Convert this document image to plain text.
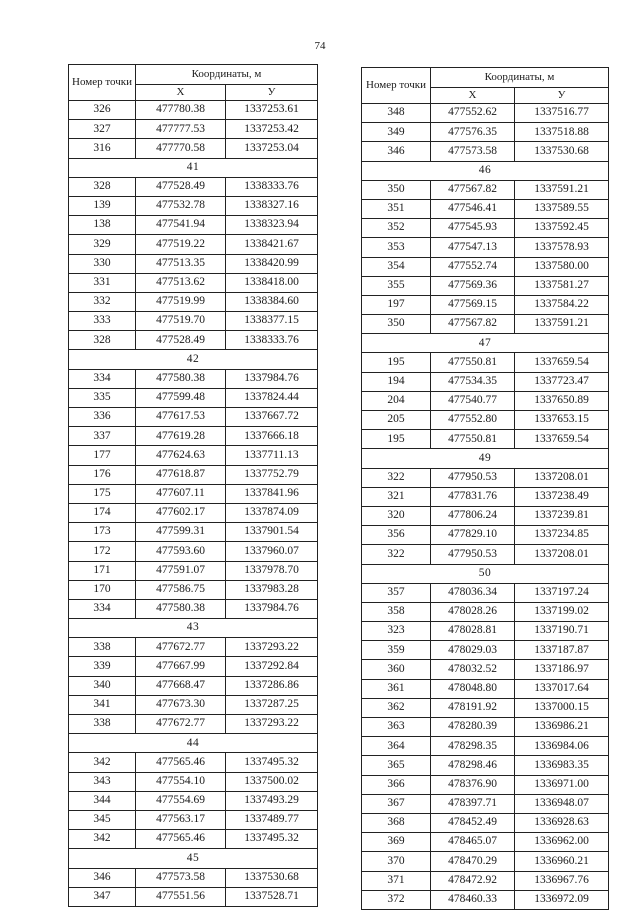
74
Номер точки	Координаты, м	
	Х	У
326	477780.38	1337253.61
327	477777.53	1337253.42
316	477770.58	1337253.04
41		
328	477528.49	1338333.76
139	477532.78	1338327.16
138	477541.94	1338323.94
329	477519.22	1338421.67
330	477513.35	1338420.99
331	477513.62	1338418.00
332	477519.99	1338384.60
333	477519.70	1338377.15
328	477528.49	1338333.76
42		
334	477580.38	1337984.76
335	477599.48	1337824.44
336	477617.53	1337667.72
337	477619.28	1337666.18
177	477624.63	1337711.13
176	477618.87	1337752.79
175	477607.11	1337841.96
174	477602.17	1337874.09
173	477599.31	1337901.54
172	477593.60	1337960.07
171	477591.07	1337978.70
170	477586.75	1337983.28
334	477580.38	1337984.76
43		
338	477672.77	1337293.22
339	477667.99	1337292.84
340	477668.47	1337286.86
341	477673.30	1337287.25
338	477672.77	1337293.22
44		
342	477565.46	1337495.32
343	477554.10	1337500.02
344	477554.69	1337493.29
345	477563.17	1337489.77
342	477565.46	1337495.32
45		
346	477573.58	1337530.68
347	477551.56	1337528.71
Номер точки	Координаты, м	
	Х	У
348	477552.62	1337516.77
349	477576.35	1337518.88
346	477573.58	1337530.68
46		
350	477567.82	1337591.21
351	477546.41	1337589.55
352	477545.93	1337592.45
353	477547.13	1337578.93
354	477552.74	1337580.00
355	477569.36	1337581.27
197	477569.15	1337584.22
350	477567.82	1337591.21
47		
195	477550.81	1337659.54
194	477534.35	1337723.47
204	477540.77	1337650.89
205	477552.80	1337653.15
195	477550.81	1337659.54
49		
322	477950.53	1337208.01
321	477831.76	1337238.49
320	477806.24	1337239.81
356	477829.10	1337234.85
322	477950.53	1337208.01
50		
357	478036.34	1337197.24
358	478028.26	1337199.02
323	478028.81	1337190.71
359	478029.03	1337187.87
360	478032.52	1337186.97
361	478048.80	1337017.64
362	478191.92	1337000.15
363	478280.39	1336986.21
364	478298.35	1336984.06
365	478298.46	1336983.35
366	478376.90	1336971.00
367	478397.71	1336948.07
368	478452.49	1336928.63
369	478465.07	1336962.00
370	478470.29	1336960.21
371	478472.92	1336967.76
372	478460.33	1336972.09
